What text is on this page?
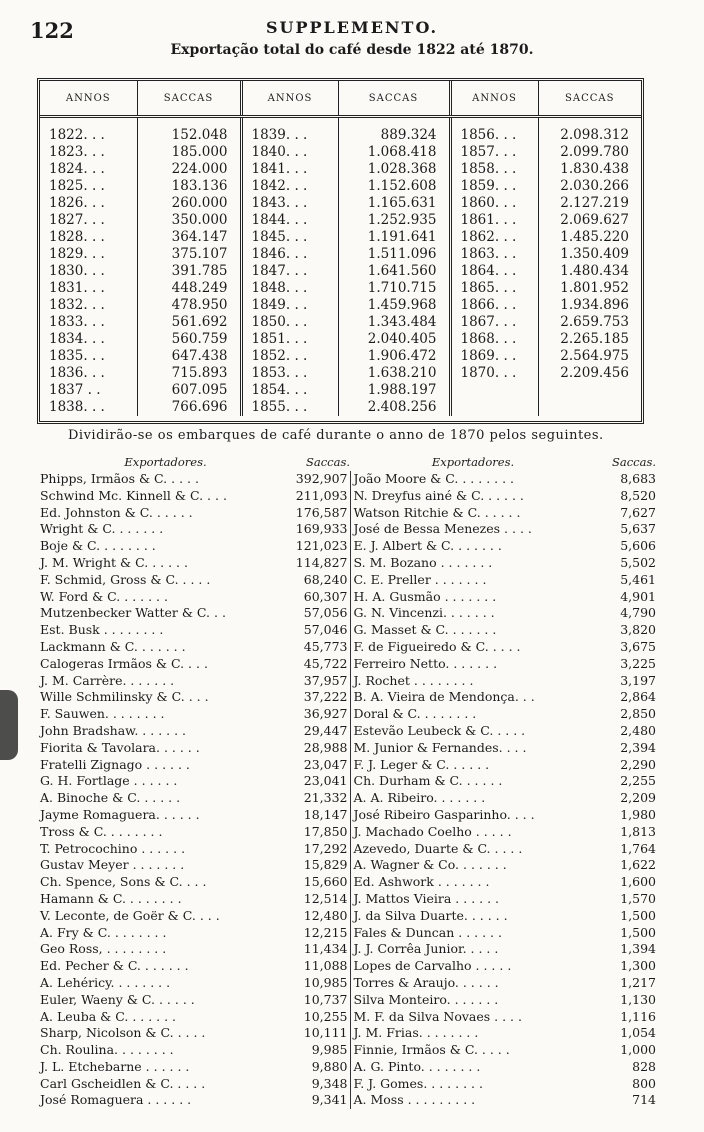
122	SUPPLEMENTO.
Exportação total do café desde 1822 até 1870.
ANNOS	SACCAS	ANNOS	SACCAS	ANNOS	SACCAS
1822. . .	152.048	1839. . .	889.324	1856. . .	2.098.312
1823. . .	185.000	1840. . .	1.068.418	1857. . .	2.099.780
1824. . .	224.000	1841. . .	1.028.368	1858. . .	1.830.438
1825. . .	183.136	1842. . .	1.152.608	1859. . .	2.030.266
1826. . .	260.000	1843. . .	1.165.631	1860. . .	2.127.219
1827. . .	350.000	1844. . .	1.252.935	1861. . .	2.069.627
1828. . .	364.147	1845. . .	1.191.641	1862. . .	1.485.220
1829. . .	375.107	1846. . .	1.511.096	1863. . .	1.350.409
1830. . .	391.785	1847. . .	1.641.560	1864. . .	1.480.434
1831. . .	448.249	1848. . .	1.710.715	1865. . .	1.801.952
1832. . .	478.950	1849. . .	1.459.968	1866. . .	1.934.896
1833. . .	561.692	1850. . .	1.343.484	1867. . .	2.659.753
1834. . .	560.759	1851. . .	2.040.405	1868. . .	2.265.185
1835. . .	647.438	1852. . .	1.906.472	1869. . .	2.564.975
1836. . .	715.893	1853. . .	1.638.210	1870. . .	2.209.456
1837 . .	607.095	1854. . .	1.988.197		
1838. . .	766.696	1855. . .	2.408.256		
Dividirão-se os embarques de café durante o anno de 1870 pelos seguintes.
Exportadores.	Saccas.	Exportadores.	Saccas.
Phipps, Irmãos & C. . . . .	392,907	João Moore & C. . . . . . . .	8,683
Schwind Mc. Kinnell & C. . . .	211,093	N. Dreyfus ainé & C. . . . . .	8,520
Ed. Johnston & C. . . . . .	176,587	Watson Ritchie & C. . . . . .	7,627
Wright & C. . . . . . .	169,933	José de Bessa Menezes . . . .	5,637
Boje & C. . . . . . . .	121,023	E. J. Albert & C. . . . . . .	5,606
J. M. Wright & C. . . . . .	114,827	S. M. Bozano . . . . . . .	5,502
F. Schmid, Gross & C. . . . .	68,240	C. E. Preller . . . . . . .	5,461
W. Ford & C. . . . . . .	60,307	H. A. Gusmão . . . . . . .	4,901
Mutzenbecker Watter & C. . .	57,056	G. N. Vincenzi. . . . . . .	4,790
Est. Busk . . . . . . . .	57,046	G. Masset & C. . . . . . .	3,820
Lackmann & C. . . . . . .	45,773	F. de Figueiredo & C. . . . .	3,675
Calogeras Irmãos & C. . . .	45,722	Ferreiro Netto. . . . . . .	3,225
J. M. Carrère. . . . . . .	37,957	J. Rochet . . . . . . . .	3,197
Wille Schmilinsky & C. . . .	37,222	B. A. Vieira de Mendonça. . .	2,864
F. Sauwen. . . . . . . .	36,927	Doral & C. . . . . . . .	2,850
John Bradshaw. . . . . . .	29,447	Estevão Leubeck & C. . . . .	2,480
Fiorita & Tavolara. . . . . .	28,988	M. Junior & Fernandes. . . .	2,394
Fratelli Zignago . . . . . .	23,047	F. J. Leger & C. . . . . .	2,290
G. H. Fortlage . . . . . .	23,041	Ch. Durham & C. . . . . .	2,255
A. Binoche & C. . . . . .	21,332	A. A. Ribeiro. . . . . . .	2,209
Jayme Romaguera. . . . . .	18,147	José Ribeiro Gasparinho. . . .	1,980
Tross & C. . . . . . . .	17,850	J. Machado Coelho . . . . .	1,813
T. Petrocochino . . . . . .	17,292	Azevedo, Duarte & C. . . . .	1,764
Gustav Meyer . . . . . . .	15,829	A. Wagner & Co. . . . . . .	1,622
Ch. Spence, Sons & C. . . .	15,660	Ed. Ashwork . . . . . . .	1,600
Hamann & C. . . . . . . .	12,514	J. Mattos Vieira . . . . . .	1,570
V. Leconte, de Goër & C. . . .	12,480	J. da Silva Duarte. . . . . .	1,500
A. Fry & C. . . . . . . .	12,215	Fales & Duncan . . . . . .	1,500
Geo Ross, . . . . . . . .	11,434	J. J. Corrêa Junior. . . . .	1,394
Ed. Pecher & C. . . . . . .	11,088	Lopes de Carvalho . . . . .	1,300
A. Lehéricy. . . . . . . .	10,985	Torres & Araujo. . . . . .	1,217
Euler, Waeny & C. . . . . .	10,737	Silva Monteiro. . . . . . .	1,130
A. Leuba & C. . . . . . .	10,255	M. F. da Silva Novaes . . . .	1,116
Sharp, Nicolson & C. . . . .	10,111	J. M. Frias. . . . . . . .	1,054
Ch. Roulina. . . . . . . .	9,985	Finnie, Irmãos & C. . . . .	1,000
J. L. Etchebarne . . . . . .	9,880	A. G. Pinto. . . . . . . .	828
Carl Gscheidlen & C. . . . .	9,348	F. J. Gomes. . . . . . . .	800
José Romaguera . . . . . .	9,341	A. Moss . . . . . . . . .	714
